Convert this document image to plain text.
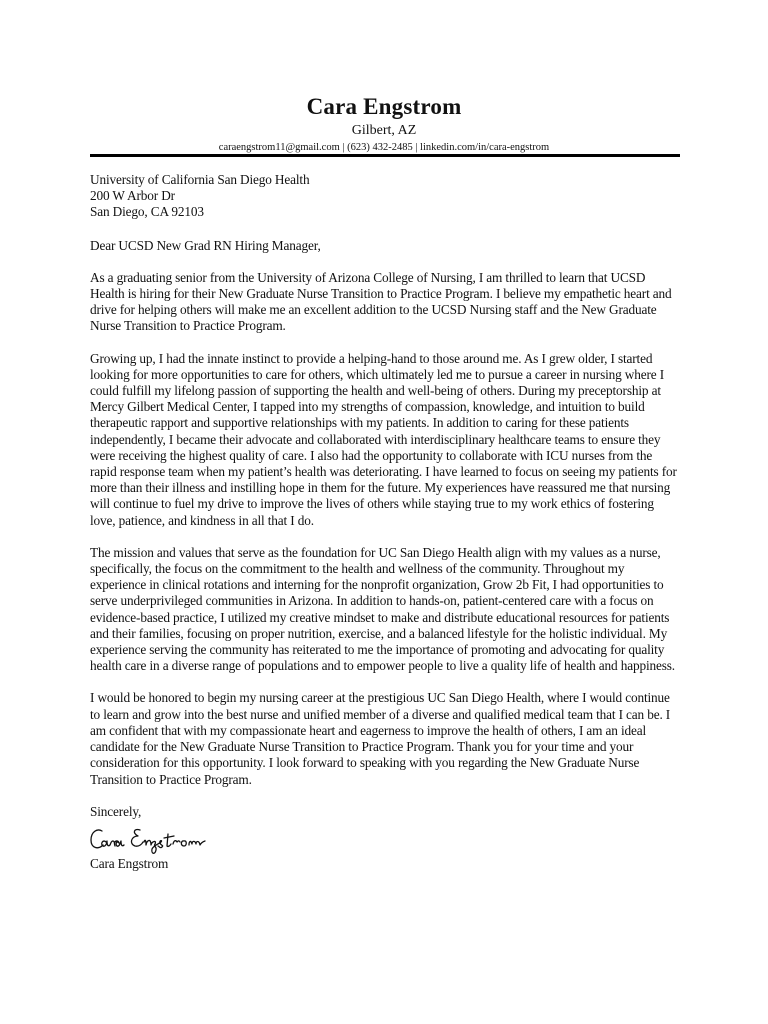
Cara Engstrom
Gilbert, AZ
caraengstrom11@gmail.com | (623) 432-2485 | linkedin.com/in/cara-engstrom
University of California San Diego Health
200 W Arbor Dr
San Diego, CA 92103
Dear UCSD New Grad RN Hiring Manager,

As a graduating senior from the University of Arizona College of Nursing, I am thrilled to learn that UCSD Health is hiring for their New Graduate Nurse Transition to Practice Program. I believe my empathetic heart and drive for helping others will make me an excellent addition to the UCSD Nursing staff and the New Graduate Nurse Transition to Practice Program.

Growing up, I had the innate instinct to provide a helping-hand to those around me. As I grew older, I started looking for more opportunities to care for others, which ultimately led me to pursue a career in nursing where I could fulfill my lifelong passion of supporting the health and well-being of others. During my preceptorship at Mercy Gilbert Medical Center, I tapped into my strengths of compassion, knowledge, and intuition to build therapeutic rapport and supportive relationships with my patients. In addition to caring for these patients independently, I became their advocate and collaborated with interdisciplinary healthcare teams to ensure they were receiving the highest quality of care. I also had the opportunity to collaborate with ICU nurses from the rapid response team when my patient’s health was deteriorating. I have learned to focus on seeing my patients for more than their illness and instilling hope in them for the future. My experiences have reassured me that nursing will continue to fuel my drive to improve the lives of others while staying true to my work ethics of fostering love, patience, and kindness in all that I do.

The mission and values that serve as the foundation for UC San Diego Health align with my values as a nurse, specifically, the focus on the commitment to the health and wellness of the community. Throughout my experience in clinical rotations and interning for the nonprofit organization, Grow 2b Fit, I had opportunities to serve underprivileged communities in Arizona. In addition to hands-on, patient-centered care with a focus on evidence-based practice, I utilized my creative mindset to make and distribute educational resources for patients and their families, focusing on proper nutrition, exercise, and a balanced lifestyle for the holistic individual. My experience serving the community has reiterated to me the importance of promoting and advocating for quality health care in a diverse range of populations and to empower people to live a quality life of health and happiness.

I would be honored to begin my nursing career at the prestigious UC San Diego Health, where I would continue to learn and grow into the best nurse and unified member of a diverse and qualified medical team that I can be. I am confident that with my compassionate heart and eagerness to improve the health of others, I am an ideal candidate for the New Graduate Nurse Transition to Practice Program. Thank you for your time and your consideration for this opportunity. I look forward to speaking with you regarding the New Graduate Nurse Transition to Practice Program.

Sincerely,
Cara Engstrom
